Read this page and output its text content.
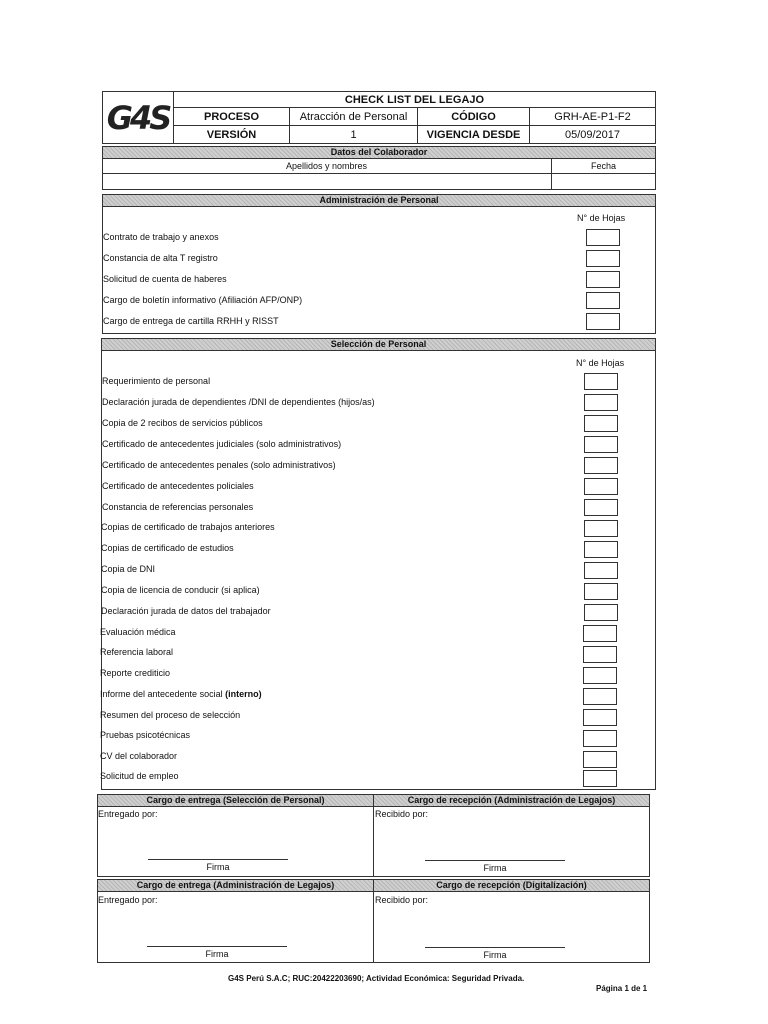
G4S	CHECK LIST DEL LEGAJO
PROCESO	Atracción de Personal	CÓDIGO	GRH-AE-P1-F2
VERSIÓN	1	VIGENCIA DESDE	05/09/2017
Datos del Colaborador
Apellidos y nombres	Fecha
Administración de Personal
N° de Hojas
Contrato de trabajo y anexos
Constancia de alta T registro
Solicitud de cuenta de haberes
Cargo de boletín informativo (Afiliación AFP/ONP)
Cargo de entrega de cartilla RRHH y RISST
Selección de Personal
N° de Hojas
Requerimiento de personal
Declaración jurada de dependientes /DNI de dependientes (hijos/as)
Copia de 2 recibos de servicios públicos
Certificado de antecedentes judiciales (solo administrativos)
Certificado de antecedentes penales (solo administrativos)
Certificado de antecedentes policiales
Constancia de referencias personales
Copias de certificado de trabajos anteriores
Copias de certificado de estudios
Copia de DNI
Copia de licencia de conducir (si aplica)
Declaración jurada de datos del trabajador
Evaluación médica
Referencia laboral
Reporte crediticio
Informe del antecedente social (interno)
Resumen del proceso de selección
Pruebas psicotécnicas
CV del colaborador
Solicitud de empleo
Cargo de entrega (Selección de Personal)	Cargo de recepción (Administración de Legajos)
Entregado por:	Recibido por:
Firma	Firma
Cargo de entrega (Administración de Legajos)	Cargo de recepción (Digitalización)
Entregado por:	Recibido por:
Firma	Firma
G4S Perú S.A.C; RUC:20422203690; Actividad Económica: Seguridad Privada.
Página 1 de 1
